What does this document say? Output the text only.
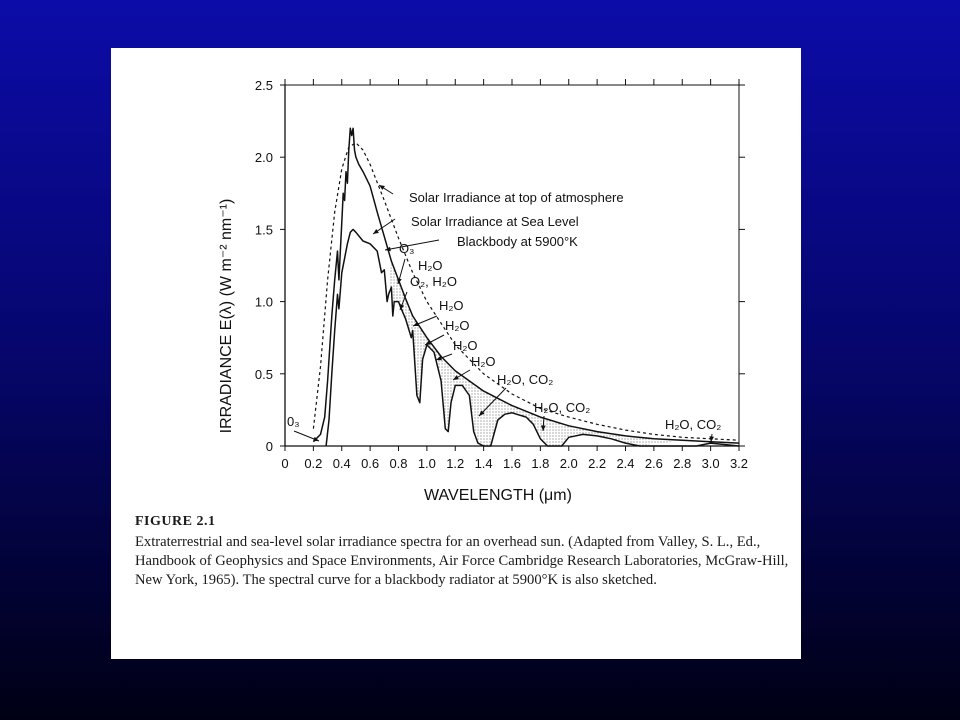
0 0.2 0.4 0.6 0.8 1.0 1.2 1.4 1.6 1.8 2.0 2.2 2.4 2.6 2.8 3.0 3.2
0
0.5
1.0
1.5
2.0
2.5
Solar Irradiance at top of atmosphere
Solar Irradiance at Sea Level
Blackbody at 5900°K
O₃
H₂O
O₂, H₂O
H₂O
H₂O
H₂O
H₂O
H₂O, CO₂
H₂O, CO₂
H₂O, CO₂
0₃
WAVELENGTH (μm)
IRRADIANCE E(λ) (W m⁻² nm⁻¹)

FIGURE 2.1

Extraterrestrial and sea-level solar irradiance spectra for an overhead sun. (Adapted from Valley, S. L., Ed., Handbook of Geophysics and Space Environments, Air Force Cambridge Research Laboratories, McGraw-Hill, New York, 1965). The spectral curve for a blackbody radiator at 5900°K is also sketched.
